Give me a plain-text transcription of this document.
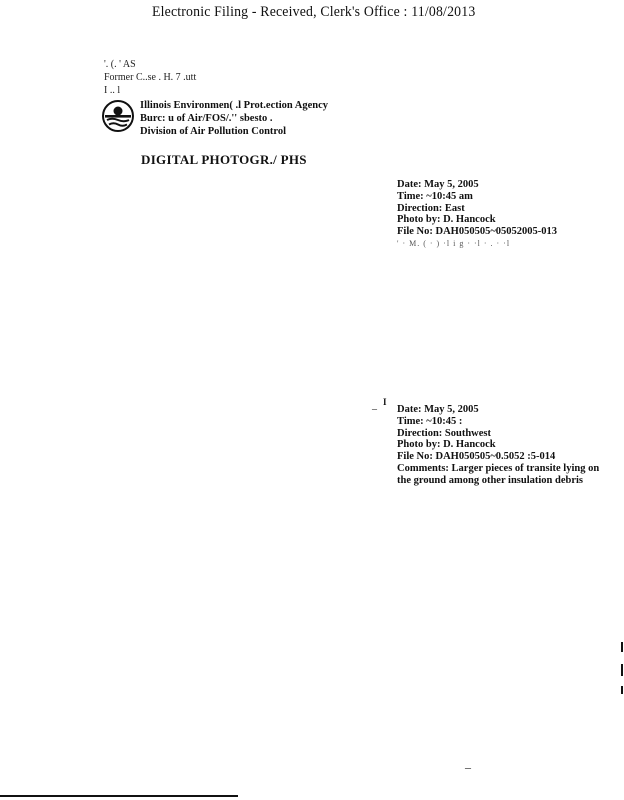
Electronic Filing - Received, Clerk's Office : 11/08/2013
'. (. ' AS
Former C..se . H. 7 .utt
I .. l
Illinois Environmen( .l Prot.ection Agency
Burc: u of Air/FOS/.'' sbesto .
Division of Air Pollution Control
DIGITAL PHOTOGR./ PHS
Date: May 5, 2005
Time: ~10:45 am
Direction: East
Photo by: D. Hancock
File No: DAH050505~05052005-013
' · M. ( · ) ·l i g · ·l · . · ·l
_ I
Date: May 5, 2005
Time: ~10:45 :
Direction: Southwest
Photo by: D. Hancock
File No: DAH050505~0.5052 :5-014
Comments: Larger pieces of transite lying on
the ground among other insulation debris
–
